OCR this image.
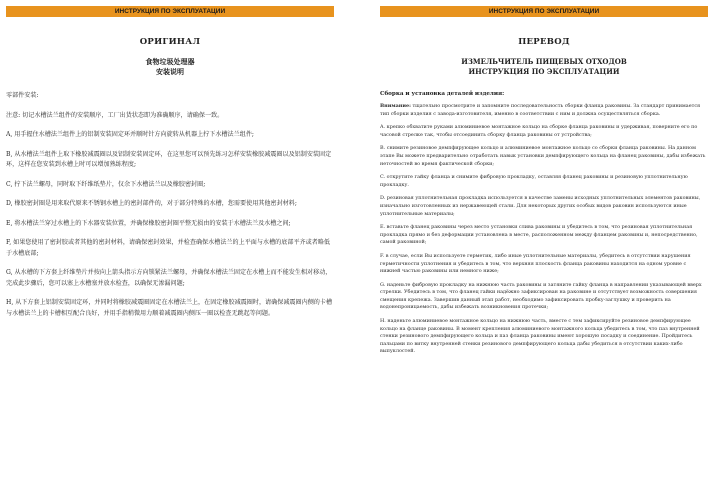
ИНСТРУКЦИЯ ПО ЭКСПЛУАТАЦИИ
ОРИГИНАЛ
食物垃圾处理器
安装说明

零部件安装:

注意: 切记水槽法兰组件的安装顺序，工厂出货状态即为准确顺序，请确保一致。

A, 用手握住水槽法兰组件上的铝制安装固定环并顺时针方向旋转从机器上拧下水槽法兰组件;

B, 从水槽法兰组件上取下橡胶减震圈以及铝制安装固定环，在这里您可以预先练习怎样安装橡胶减震圈以及铝制安装固定环，这样在您安装到水槽上时可以增加熟练程度;

C, 拧下法兰螺母，同时取下纤维纸垫片，仅余下水槽法兰以及橡胶密封圈;

D, 橡胶密封圈是用来取代原来不锈钢水槽上的密封部件的，对于部分特殊的水槽，您需要使用其他密封材料;

E, 将水槽法兰穿过水槽上的下水器安装位置，并确保橡胶密封圈平整无损由的安装于水槽法兰及水槽之间;

F, 如果您使用了密封胶或者其他的密封材料，请确保密封效果，并检查确保水槽法兰的上平面与水槽的底部平齐或者略低于水槽底部;

G, 从水槽的下方套上纤维垫片并按向上箭头指示方向锁紧法兰螺母，并确保水槽法兰固定在水槽上而不能发生相对移动，完成此步骤后，您可以塞上水槽塞并放水检查，以确保无渗漏问题;

H, 从下方套上铝制安装固定环，并同时将橡胶减震圈固定在水槽法兰上，在固定橡胶减震圈时，请确保减震圈内侧的卡槽与水槽法兰上的卡槽相互配合良好，并用手指稍微用力顺着减震圈内侧压一圈以检查无跳起等问题。

ИНСТРУКЦИЯ ПО ЭКСПЛУАТАЦИИ
ПЕРЕВОД
ИЗМЕЛЬЧИТЕЛЬ ПИЩЕВЫХ ОТХОДОВ
ИНСТРУКЦИЯ ПО ЭКСПЛУАТАЦИИ
Сборка и установка деталей изделия:

Внимание: тщательно просмотрите и запомните последовательность сборки фланца раковины. За стандарт принимается тип сборки изделия с завода-изготовителя, именно в соответствии с ним и должна осуществляться сборка.

A. крепко обхватите руками алюминиевое монтажное кольцо на сборке фланца раковины и удерживая, поверните его по часовой стрелке так, чтобы отсоединить сборку фланца раковины от устройства;

B. снимите резиновое демпфирующее кольцо и алюминиевое монтажное кольцо со сборки фланца раковины. На данном этапе Вы можете предварительно отработать навык установки демпфирующего кольца на фланец раковины, дабы избежать неточностей во время фактической сборки;

C. открутите гайку фланца и снимите фибровую прокладку, оставляя фланец раковины и резиновую уплотнительную прокладку.

D. резиновая уплотнительная прокладка используется в качестве замены исходных уплотнительных элементов раковины, изначально изготовленных из нержавеющей стали. Для некоторых других особых видов раковин используются иные уплотнительные материалы;

E. вставьте фланец раковины через место установки слива раковины и убедитесь в том, что резиновая уплотнительная прокладка прямо и без деформации установлена в месте, расположенном между фланцем раковины и, непосредственно, самой раковиной;

F. в случае, если Вы используете герметик, либо иные уплотнительные материалы, убедитесь в отсутствии нарушения герметичности уплотнения и убедитесь в том, что верхняя плоскость фланца раковины находится на одном уровне с нижней частью раковины или немного ниже;

G. наденьте фибровую прокладку на нижнюю часть раковины и затяните гайку фланца в направлении указывающей вверх стрелки. Убедитесь в том, что фланец гайки надёжно зафиксирован на раковине и отсутствует возможность совершения смещения крепежа. Завершив данный этап работ, необходимо зафиксировать пробку-заглушку и проверить на водонепроницаемость, дабы избежать возникновения протечки;

H. наденьте алюминиевое монтажное кольцо на нижнюю часть, вместе с тем зафиксируйте резиновое демпфирующее кольцо на фланце раковины. В момент крепления алюминиевого монтажного кольца убедитесь в том, что паз внутренней стенки резинового демпфирующего кольца и паз фланца раковины имеют хорошую посадку и соединение. Пройдитесь пальцами по витку внутренней стенки резинового демпфирующего кольца дабы убедиться в отсутствии каких-либо выпуклостей.
